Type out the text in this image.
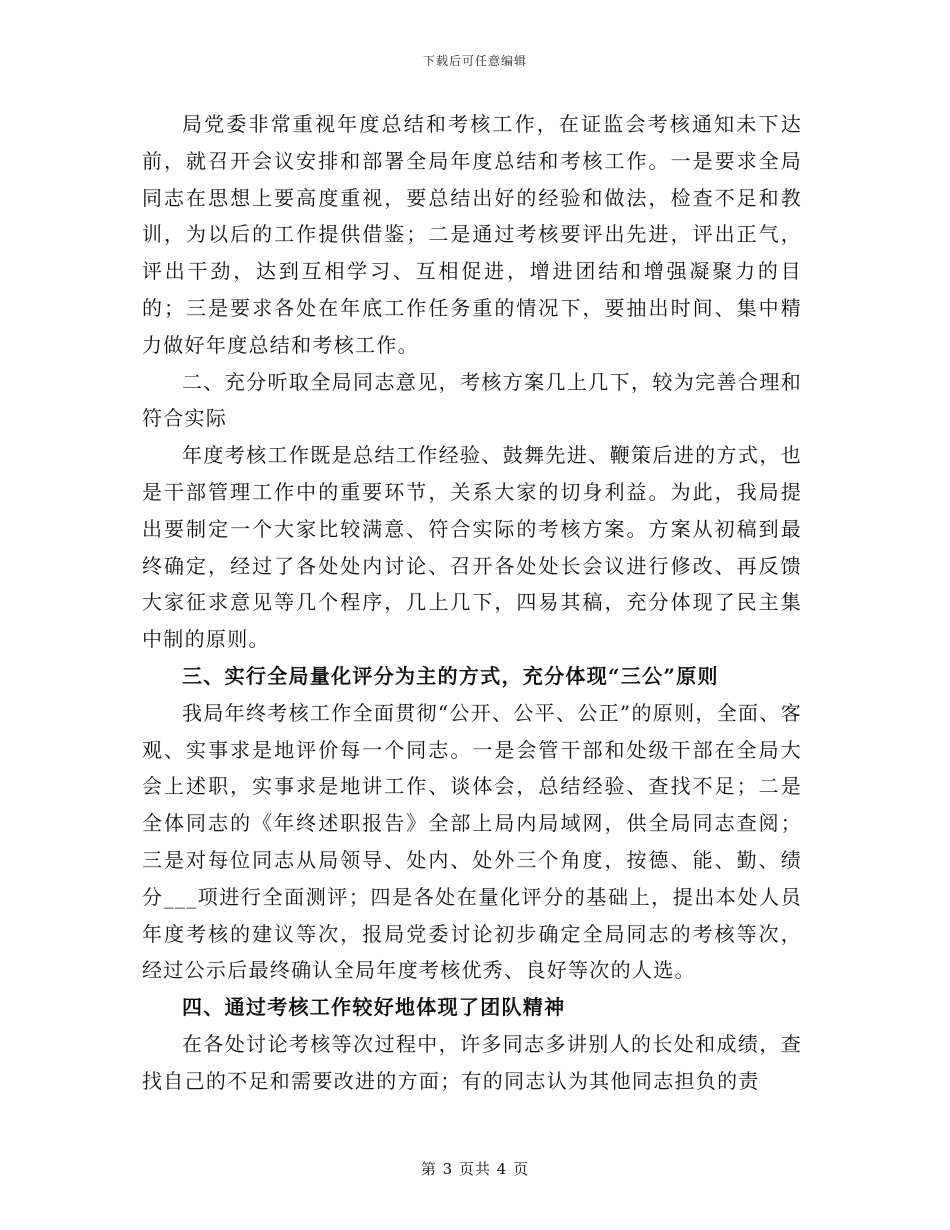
下载后可任意编辑

局党委非常重视年度总结和考核工作，在证监会考核通知未下达前，就召开会议安排和部署全局年度总结和考核工作。一是要求全局同志在思想上要高度重视，要总结出好的经验和做法，检查不足和教训，为以后的工作提供借鉴；二是通过考核要评出先进，评出正气，评出干劲，达到互相学习、互相促进，增进团结和增强凝聚力的目的；三是要求各处在年底工作任务重的情况下，要抽出时间、集中精力做好年度总结和考核工作。

二、充分听取全局同志意见，考核方案几上几下，较为完善合理和符合实际

年度考核工作既是总结工作经验、鼓舞先进、鞭策后进的方式，也是干部管理工作中的重要环节，关系大家的切身利益。为此，我局提出要制定一个大家比较满意、符合实际的考核方案。方案从初稿到最终确定，经过了各处处内讨论、召开各处处长会议进行修改、再反馈大家征求意见等几个程序，几上几下，四易其稿，充分体现了民主集中制的原则。

三、实行全局量化评分为主的方式，充分体现“三公”原则

我局年终考核工作全面贯彻“公开、公平、公正”的原则，全面、客观、实事求是地评价每一个同志。一是会管干部和处级干部在全局大会上述职，实事求是地讲工作、谈体会，总结经验、查找不足；二是全体同志的《年终述职报告》全部上局内局域网，供全局同志查阅；三是对每位同志从局领导、处内、处外三个角度，按德、能、勤、绩分___项进行全面测评；四是各处在量化评分的基础上，提出本处人员年度考核的建议等次，报局党委讨论初步确定全局同志的考核等次，经过公示后最终确认全局年度考核优秀、良好等次的人选。

四、通过考核工作较好地体现了团队精神

在各处讨论考核等次过程中，许多同志多讲别人的长处和成绩，查找自己的不足和需要改进的方面；有的同志认为其他同志担负的责

第 3 页共 4 页
